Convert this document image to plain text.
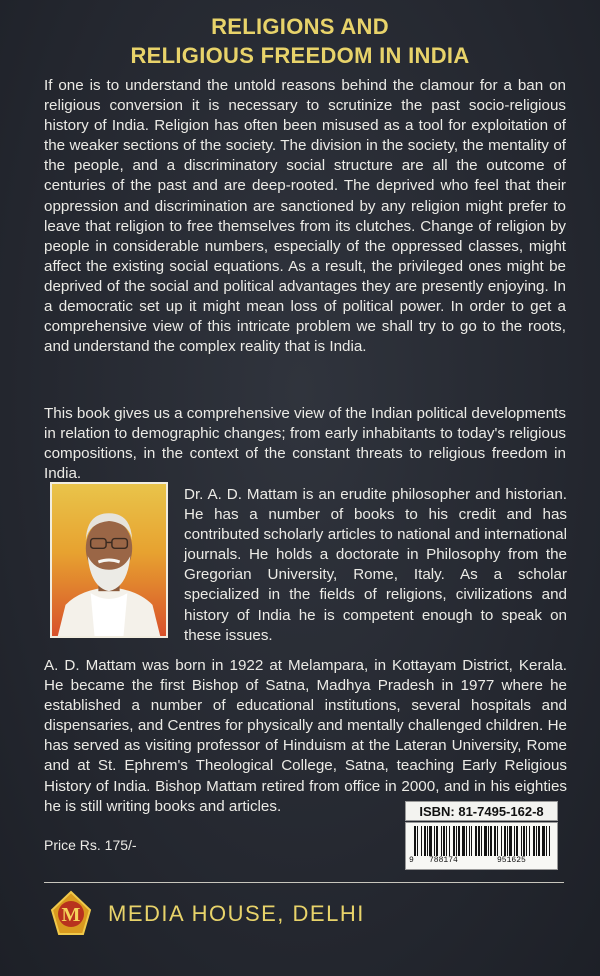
RELIGIONS AND
RELIGIOUS FREEDOM IN INDIA

If one is to understand the untold reasons behind the clamour for a ban on religious conversion it is necessary to scrutinize the past socio-religious history of India. Religion has often been misused as a tool for exploitation of the weaker sections of the society. The division in the society, the mentality of the people, and a discriminatory social structure are all the outcome of centuries of the past and are deep-rooted. The deprived who feel that their oppression and discrimination are sanctioned by any religion might prefer to leave that religion to free themselves from its clutches. Change of religion by people in considerable numbers, especially of the oppressed classes, might affect the existing social equations. As a result, the privileged ones might be deprived of the social and political advantages they are presently enjoying. In a democratic set up it might mean loss of political power. In order to get a comprehensive view of this intricate problem we shall try to go to the roots, and understand the complex reality that is India.

This book gives us a comprehensive view of the Indian political developments in relation to demographic changes; from early inhabitants to today's religious compositions, in the context of the constant threats to religious freedom in India.

Dr. A. D. Mattam is an erudite philosopher and historian. He has a number of books to his credit and has contributed scholarly articles to national and international journals. He holds a doctorate in Philosophy from the Gregorian University, Rome, Italy. As a scholar specialized in the fields of religions, civilizations and history of India he is competent enough to speak on these issues.

A. D. Mattam was born in 1922 at Melampara, in Kottayam District, Kerala. He became the first Bishop of Satna, Madhya Pradesh in 1977 where he established a number of educational institutions, several hospitals and dispensaries, and Centres for physically and mentally challenged children. He has served as visiting professor of Hinduism at the Lateran University, Rome and at St. Ephrem's Theological College, Satna, teaching Early Religious History of India. Bishop Mattam retired from office in 2000, and in his eighties he is still writing books and articles.	ISBN: 81-7495-162-8
9 788174	951625
Price Rs. 175/-
M MEDIA HOUSE, DELHI
